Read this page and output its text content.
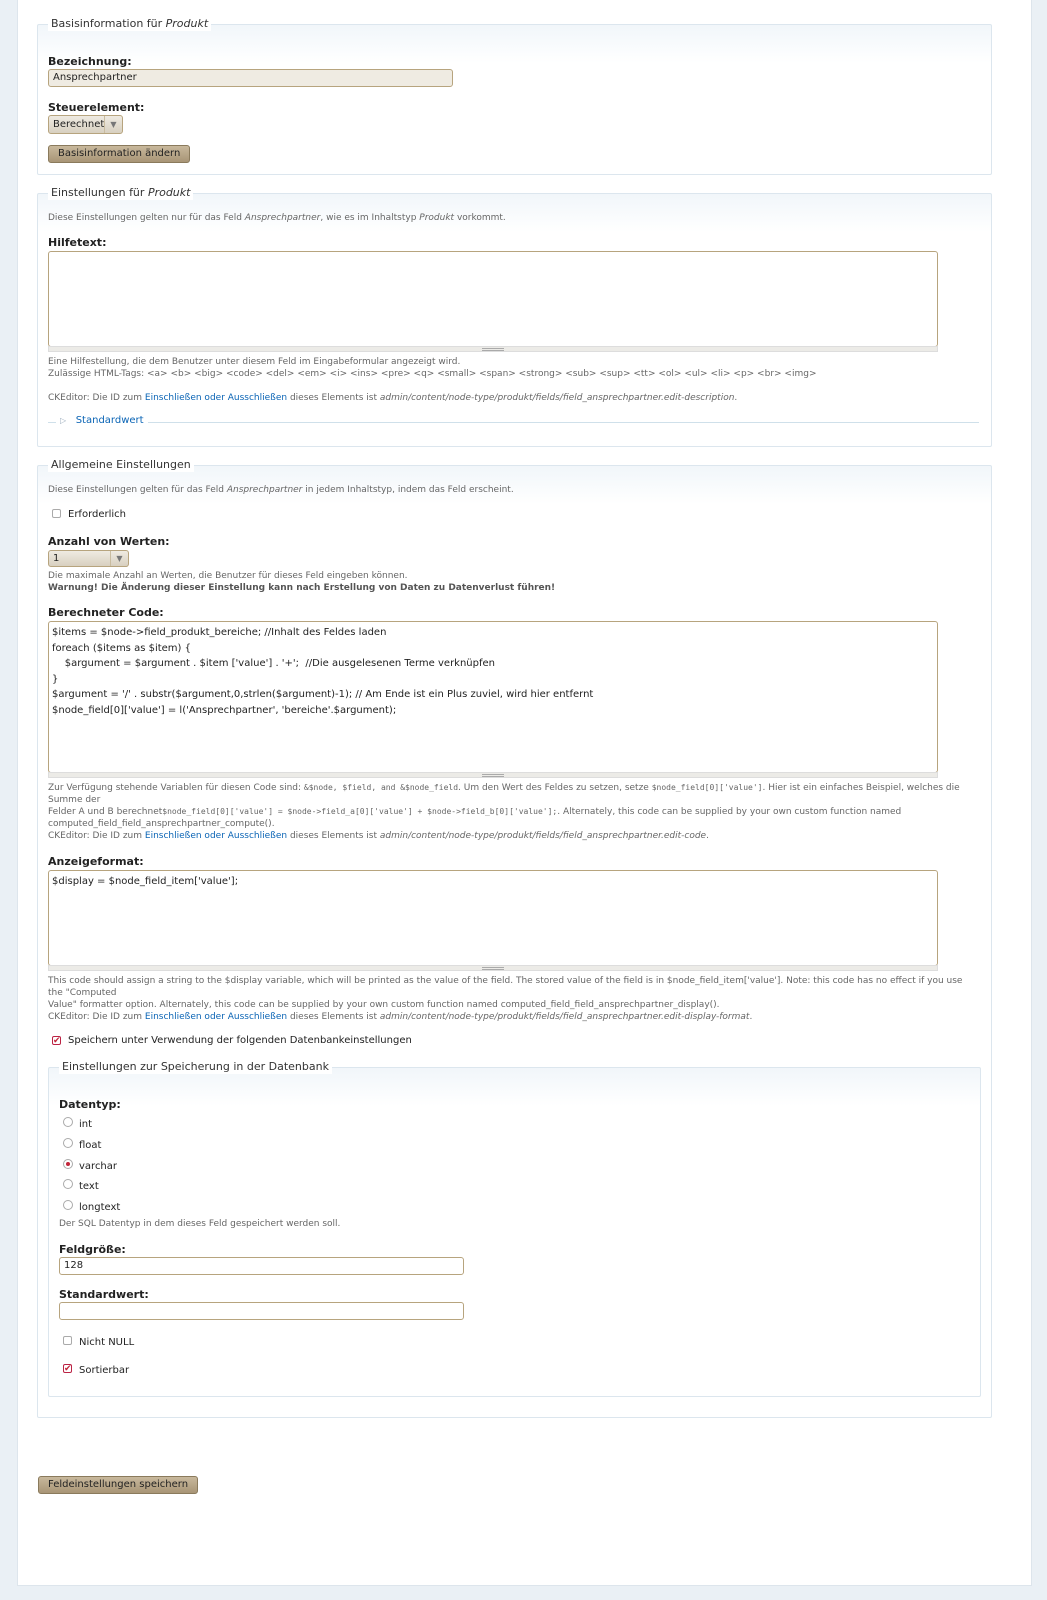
Basisinformation für Produkt
Bezeichnung:
Ansprechpartner
Steuerelement:
Berechnet ▼
Basisinformation ändern
Einstellungen für Produkt
Diese Einstellungen gelten nur für das Feld Ansprechpartner, wie es im Inhaltstyp Produkt vorkommt.
Hilfetext:
Eine Hilfestellung, die dem Benutzer unter diesem Feld im Eingabeformular angezeigt wird.
Zulässige HTML-Tags: <a> <b> <big> <code> <del> <em> <i> <ins> <pre> <q> <small> <span> <strong> <sub> <sup> <tt> <ol> <ul> <li> <p> <br> <img>
CKEditor: Die ID zum Einschließen oder Ausschließen dieses Elements ist admin/content/node-type/produkt/fields/field_ansprechpartner.edit-description.
▷ Standardwert
Allgemeine Einstellungen
Diese Einstellungen gelten für das Feld Ansprechpartner in jedem Inhaltstyp, indem das Feld erscheint.
Erforderlich
Anzahl von Werten:
1	▼
Die maximale Anzahl an Werten, die Benutzer für dieses Feld eingeben können.
Warnung! Die Änderung dieser Einstellung kann nach Erstellung von Daten zu Datenverlust führen!
Berechneter Code:
$items = $node->field_produkt_bereiche; //Inhalt des Feldes laden
foreach ($items as $item) {
$argument = $argument . $item ['value'] . '+';  //Die ausgelesenen Terme verknüpfen
}
$argument = '/' . substr($argument,0,strlen($argument)-1); // Am Ende ist ein Plus zuviel, wird hier entfernt
$node_field[0]['value'] = l('Ansprechpartner', 'bereiche'.$argument);
Zur Verfügung stehende Variablen für diesen Code sind: &$node, $field, and &$node_field. Um den Wert des Feldes zu setzen, setze $node_field[0]['value']. Hier ist ein einfaches Beispiel, welches die Summe der
Felder A und B berechnet$node_field[0]['value'] = $node->field_a[0]['value'] + $node->field_b[0]['value'];. Alternately, this code can be supplied by your own custom function named
computed_field_field_ansprechpartner_compute().
CKEditor: Die ID zum Einschließen oder Ausschließen dieses Elements ist admin/content/node-type/produkt/fields/field_ansprechpartner.edit-code.
Anzeigeformat:
$display = $node_field_item['value'];
This code should assign a string to the $display variable, which will be printed as the value of the field. The stored value of the field is in $node_field_item['value']. Note: this code has no effect if you use the "Computed
Value" formatter option. Alternately, this code can be supplied by your own custom function named computed_field_field_ansprechpartner_display().
CKEditor: Die ID zum Einschließen oder Ausschließen dieses Elements ist admin/content/node-type/produkt/fields/field_ansprechpartner.edit-display-format.
✔ Speichern unter Verwendung der folgenden Datenbankeinstellungen
Einstellungen zur Speicherung in der Datenbank
Datentyp:
int
float
varchar
text
longtext
Der SQL Datentyp in dem dieses Feld gespeichert werden soll.
Feldgröße:
128
Standardwert:
Nicht NULL
✔ Sortierbar
Feldeinstellungen speichern
